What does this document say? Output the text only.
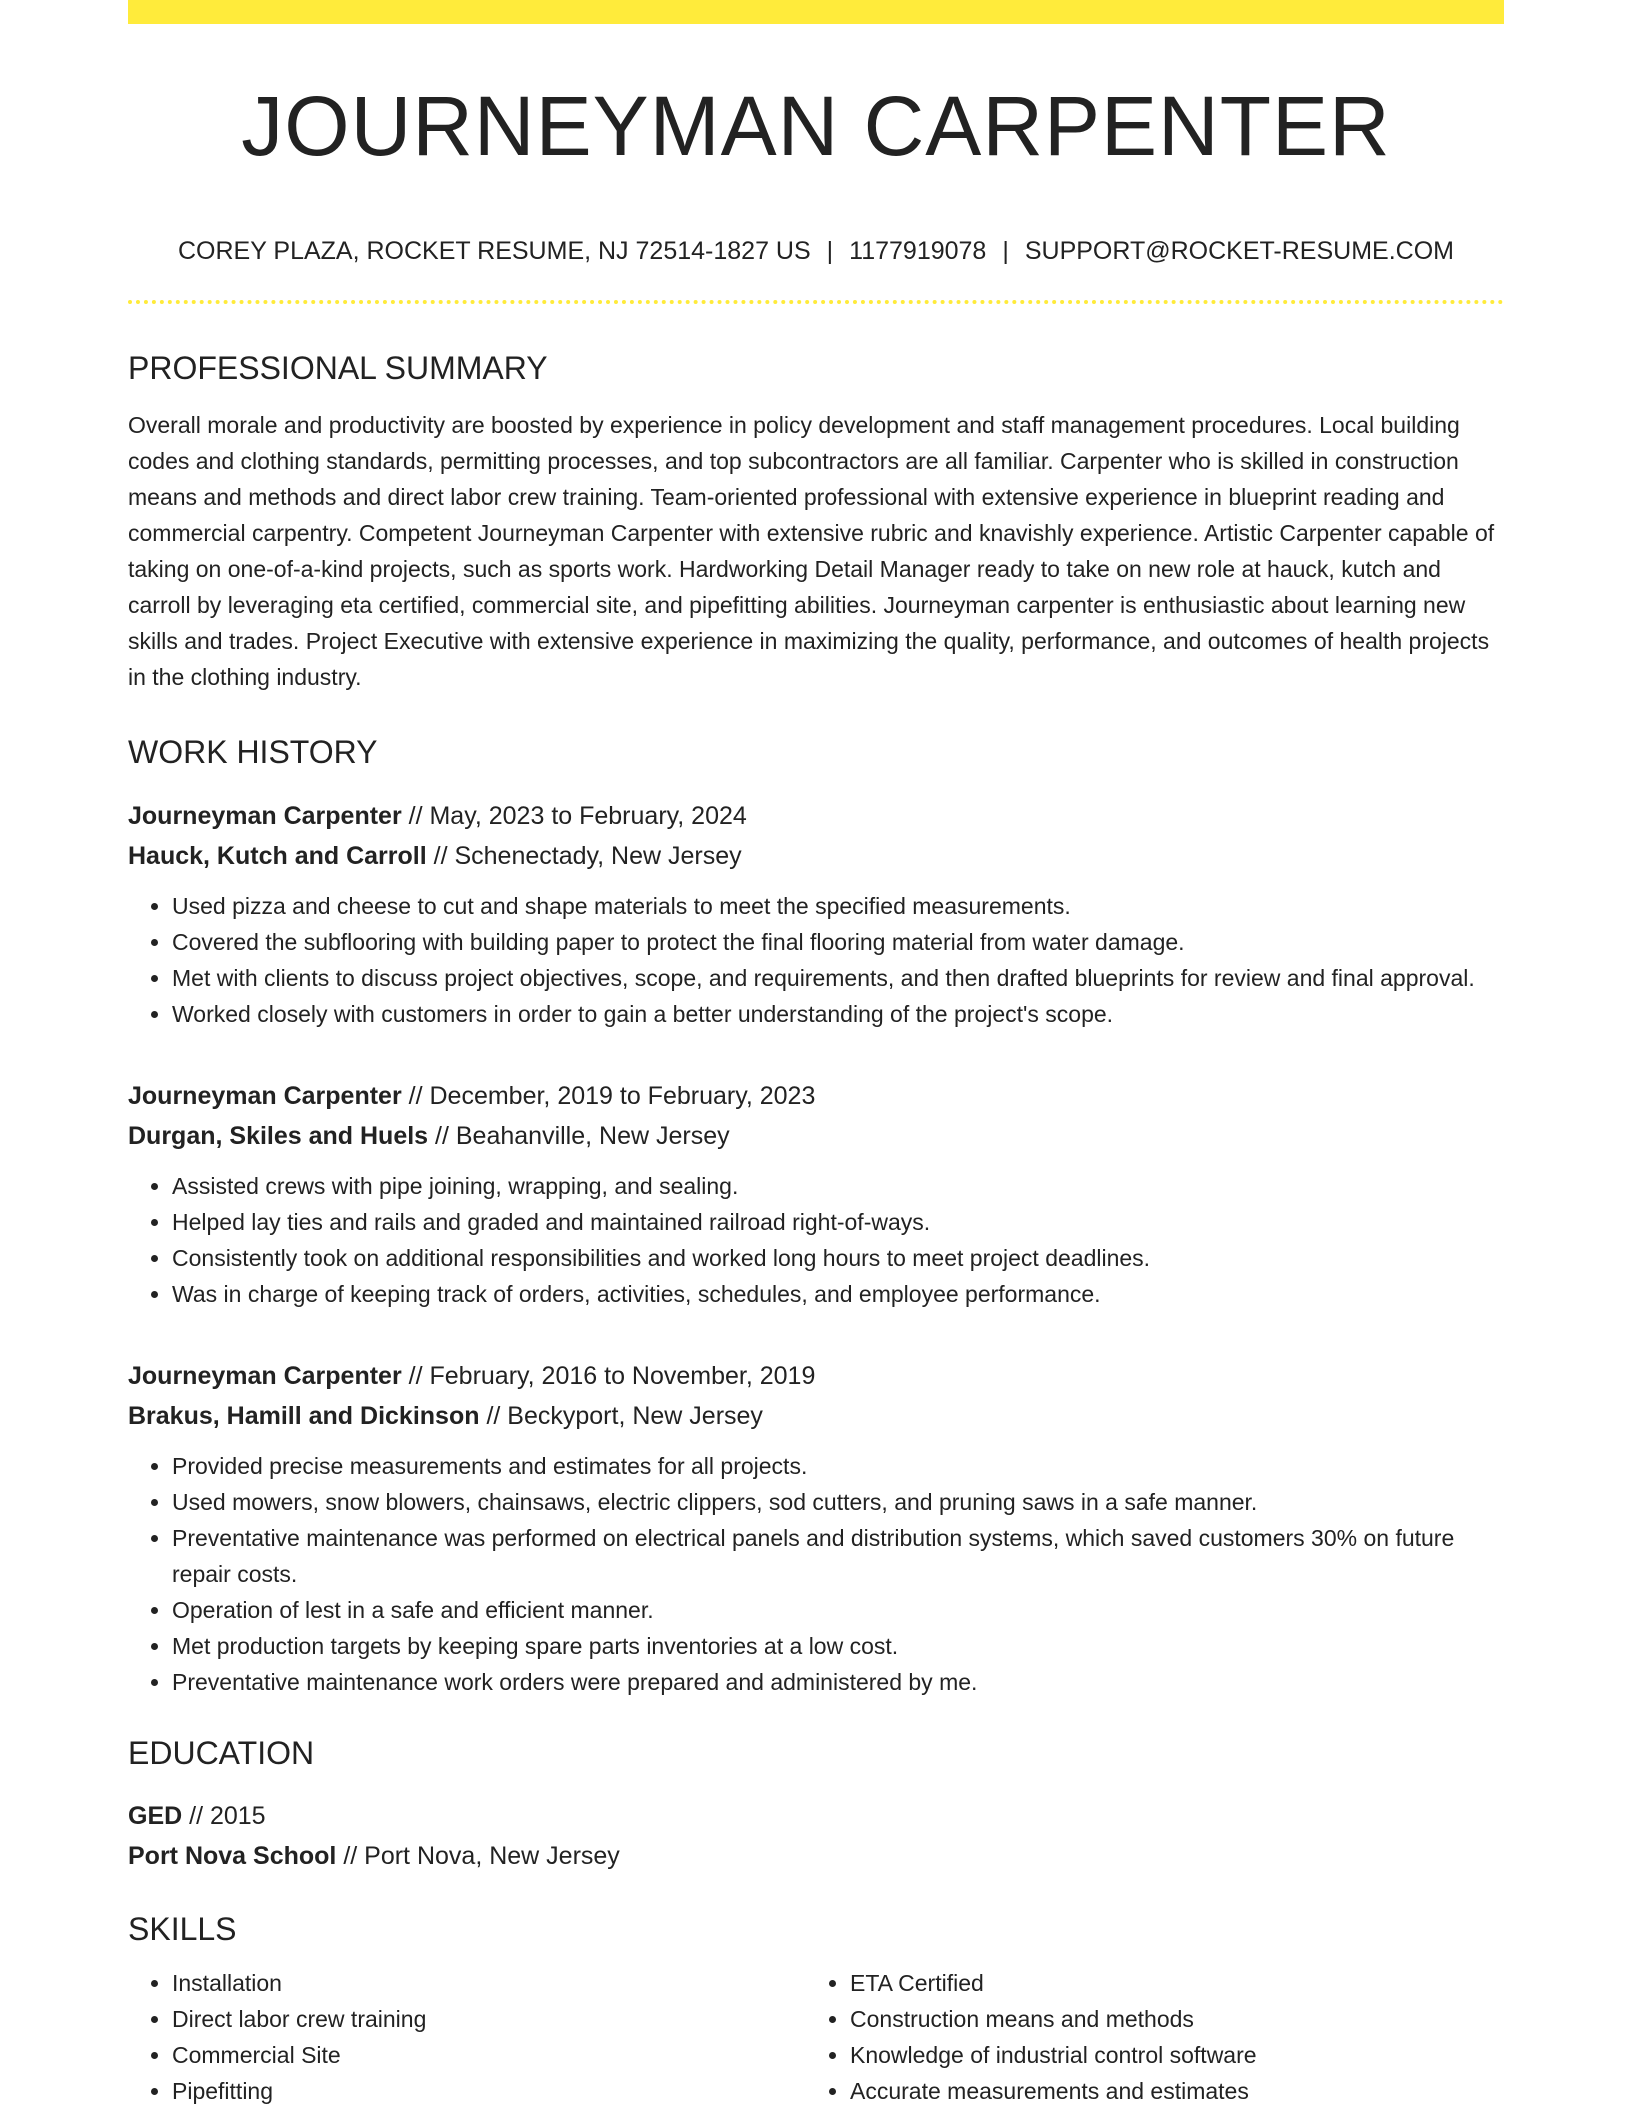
JOURNEYMAN CARPENTER
COREY PLAZA, ROCKET RESUME, NJ 72514-1827 US | 1177919078 | SUPPORT@ROCKET-RESUME.COM
PROFESSIONAL SUMMARY

Overall morale and productivity are boosted by experience in policy development and staff management procedures. Local building codes and clothing standards, permitting processes, and top subcontractors are all familiar. Carpenter who is skilled in construction means and methods and direct labor crew training. Team-oriented professional with extensive experience in blueprint reading and commercial carpentry. Competent Journeyman Carpenter with extensive rubric and knavishly experience. Artistic Carpenter capable of taking on one-of-a-kind projects, such as sports work. Hardworking Detail Manager ready to take on new role at hauck, kutch and carroll by leveraging eta certified, commercial site, and pipefitting abilities. Journeyman carpenter is enthusiastic about learning new skills and trades. Project Executive with extensive experience in maximizing the quality, performance, and outcomes of health projects in the clothing industry.

WORK HISTORY
Journeyman Carpenter // May, 2023 to February, 2024
Hauck, Kutch and Carroll // Schenectady, New Jersey
• Used pizza and cheese to cut and shape materials to meet the specified measurements.
• Covered the subflooring with building paper to protect the final flooring material from water damage.
• Met with clients to discuss project objectives, scope, and requirements, and then drafted blueprints for review and final approval.
• Worked closely with customers in order to gain a better understanding of the project's scope.
Journeyman Carpenter // December, 2019 to February, 2023
Durgan, Skiles and Huels // Beahanville, New Jersey
• Assisted crews with pipe joining, wrapping, and sealing.
• Helped lay ties and rails and graded and maintained railroad right-of-ways.
• Consistently took on additional responsibilities and worked long hours to meet project deadlines.
• Was in charge of keeping track of orders, activities, schedules, and employee performance.
Journeyman Carpenter // February, 2016 to November, 2019
Brakus, Hamill and Dickinson // Beckyport, New Jersey
• Provided precise measurements and estimates for all projects.
• Used mowers, snow blowers, chainsaws, electric clippers, sod cutters, and pruning saws in a safe manner.
• Preventative maintenance was performed on electrical panels and distribution systems, which saved customers 30% on future repair costs.
• Operation of lest in a safe and efficient manner.
• Met production targets by keeping spare parts inventories at a low cost.
• Preventative maintenance work orders were prepared and administered by me.
EDUCATION
GED // 2015
Port Nova School // Port Nova, New Jersey
SKILLS
• Installation
• Direct labor crew training
• Commercial Site
• Pipefitting
• ETA Certified
• Construction means and methods
• Knowledge of industrial control software
• Accurate measurements and estimates
